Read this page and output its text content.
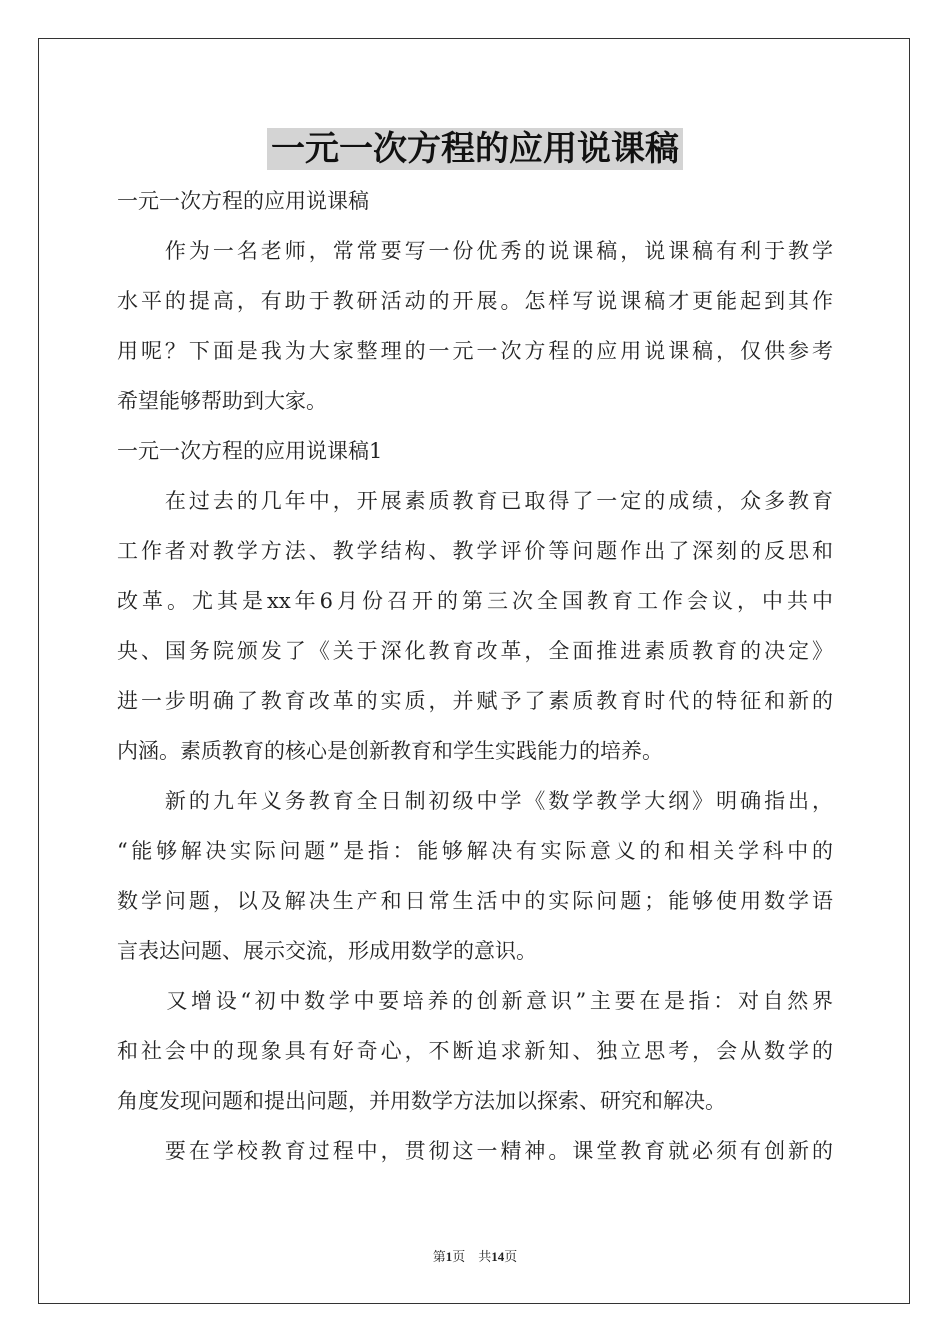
一元一次方程的应用说课稿

一元一次方程的应用说课稿

　　作为一名老师，常常要写一份优秀的说课稿，说课稿有利于教学

水平的提高，有助于教研活动的开展。怎样写说课稿才更能起到其作

用呢？下面是我为大家整理的一元一次方程的应用说课稿，仅供参考

希望能够帮助到大家。

一元一次方程的应用说课稿1

　　在过去的几年中，开展素质教育已取得了一定的成绩，众多教育

工作者对教学方法、教学结构、教学评价等问题作出了深刻的反思和

改革。尤其是xx年6月份召开的第三次全国教育工作会议，中共中

央、国务院颁发了《关于深化教育改革，全面推进素质教育的决定》

进一步明确了教育改革的实质，并赋予了素质教育时代的特征和新的

内涵。素质教育的核心是创新教育和学生实践能力的培养。

　　新的九年义务教育全日制初级中学《数学教学大纲》明确指出，

“能够解决实际问题”是指：能够解决有实际意义的和相关学科中的

数学问题，以及解决生产和日常生活中的实际问题；能够使用数学语

言表达问题、展示交流，形成用数学的意识。

　　又增设“初中数学中要培养的创新意识”主要在是指：对自然界

和社会中的现象具有好奇心，不断追求新知、独立思考，会从数学的

角度发现问题和提出问题，并用数学方法加以探索、研究和解决。

　　要在学校教育过程中，贯彻这一精神。课堂教育就必须有创新的

第1页 共14页
